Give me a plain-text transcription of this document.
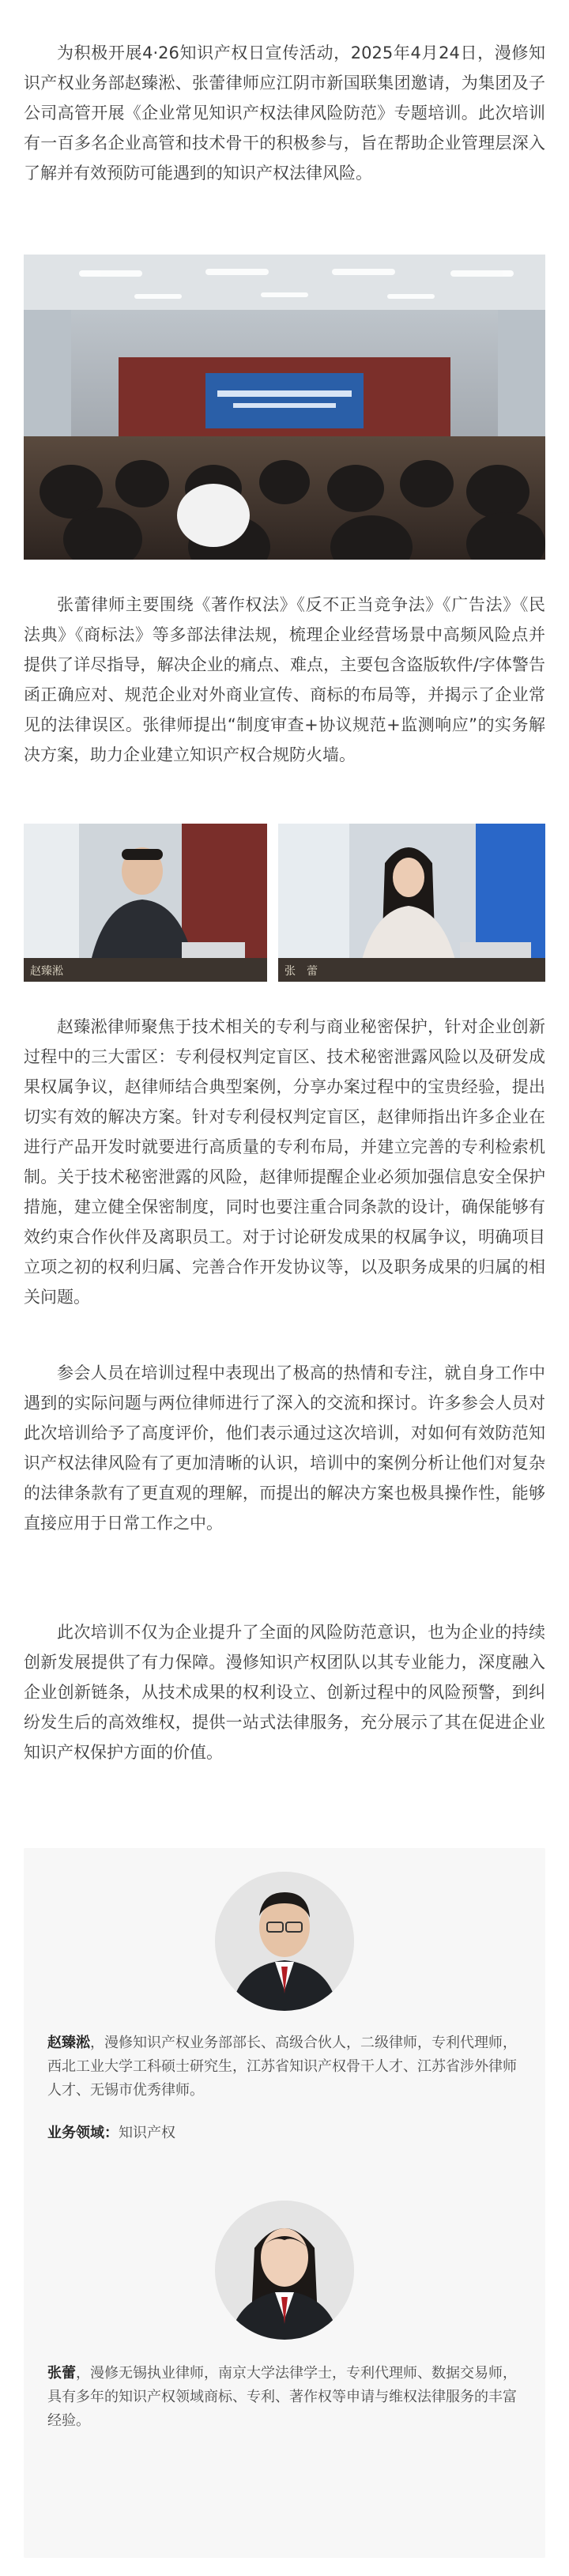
为积极开展4·26知识产权日宣传活动，2025年4月24日，漫修知识产权业务部赵臻淞、张蕾律师应江阴市新国联集团邀请，为集团及子公司高管开展《企业常见知识产权法律风险防范》专题培训。此次培训有一百多名企业高管和技术骨干的积极参与，旨在帮助企业管理层深入了解并有效预防可能遇到的知识产权法律风险。

张蕾律师主要围绕《著作权法》《反不正当竞争法》《广告法》《民法典》《商标法》等多部法律法规，梳理企业经营场景中高频风险点并提供了详尽指导，解决企业的痛点、难点，主要包含盗版软件/字体警告函正确应对、规范企业对外商业宣传、商标的布局等，并揭示了企业常见的法律误区。张律师提出“制度审查+协议规范+监测响应”的实务解决方案，助力企业建立知识产权合规防火墙。

赵臻淞	张　蕾

赵臻淞律师聚焦于技术相关的专利与商业秘密保护，针对企业创新过程中的三大雷区：专利侵权判定盲区、技术秘密泄露风险以及研发成果权属争议，赵律师结合典型案例，分享办案过程中的宝贵经验，提出切实有效的解决方案。针对专利侵权判定盲区，赵律师指出许多企业在进行产品开发时就要进行高质量的专利布局，并建立完善的专利检索机制。关于技术秘密泄露的风险，赵律师提醒企业必须加强信息安全保护措施，建立健全保密制度，同时也要注重合同条款的设计，确保能够有效约束合作伙伴及离职员工。对于讨论研发成果的权属争议，明确项目立项之初的权利归属、完善合作开发协议等，以及职务成果的归属的相关问题。

参会人员在培训过程中表现出了极高的热情和专注，就自身工作中遇到的实际问题与两位律师进行了深入的交流和探讨。许多参会人员对此次培训给予了高度评价，他们表示通过这次培训，对如何有效防范知识产权法律风险有了更加清晰的认识，培训中的案例分析让他们对复杂的法律条款有了更直观的理解，而提出的解决方案也极具操作性，能够直接应用于日常工作之中。

此次培训不仅为企业提升了全面的风险防范意识，也为企业的持续创新发展提供了有力保障。漫修知识产权团队以其专业能力，深度融入企业创新链条，从技术成果的权利设立、创新过程中的风险预警，到纠纷发生后的高效维权，提供一站式法律服务，充分展示了其在促进企业知识产权保护方面的价值。

赵臻淞，漫修知识产权业务部部长、高级合伙人，二级律师，专利代理师，西北工业大学工科硕士研究生，江苏省知识产权骨干人才、江苏省涉外律师人才、无锡市优秀律师。

业务领域：知识产权

张蕾，漫修无锡执业律师，南京大学法律学士，专利代理师、数据交易师，具有多年的知识产权领域商标、专利、著作权等申请与维权法律服务的丰富经验。
